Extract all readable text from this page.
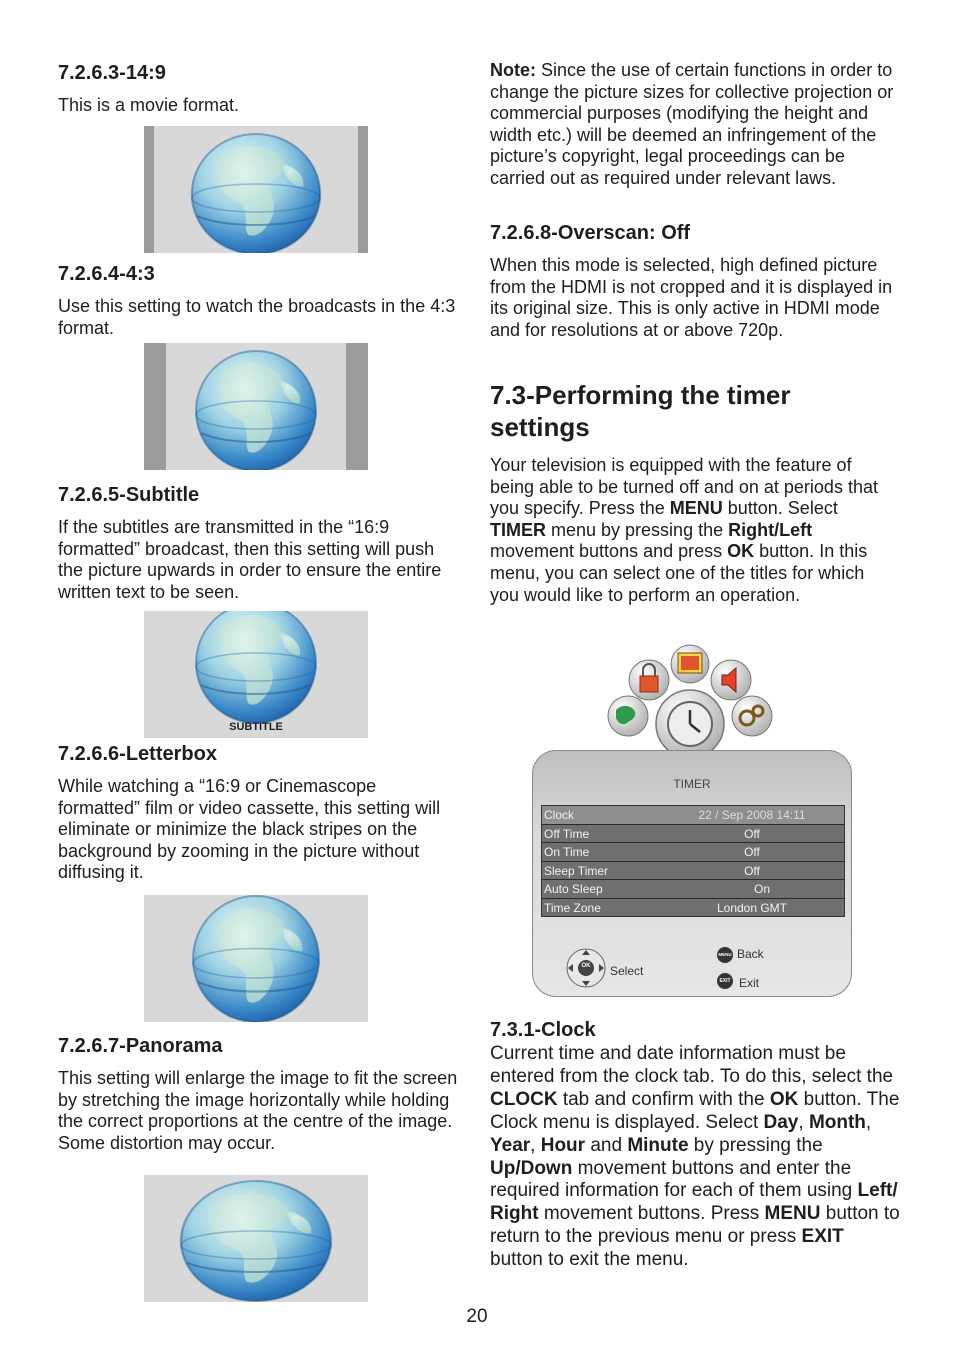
7.2.6.3-14:9

This is a movie format.

7.2.6.4-4:3

Use this setting to watch the broadcasts in the 4:3 format.

7.2.6.5-Subtitle

If the subtitles are transmitted in the “16:9 formatted” broadcast, then this setting will push the picture upwards in order to ensure the entire written text to be seen.

SUBTITLE
7.2.6.6-Letterbox

While watching a “16:9 or Cinemascope formatted” film or video cassette, this setting will eliminate or minimize the black stripes on the background by zooming in the picture without diffusing it.

7.2.6.7-Panorama

This setting will enlarge the image to fit the screen by stretching the image horizontally while holding the correct proportions at the centre of the image. Some distortion may occur.

Note: Since the use of certain functions in order to change the picture sizes for collective projection or commercial purposes (modifying the height and width etc.) will be deemed an infringement of the picture’s copyright, legal proceedings can be carried out as required under relevant laws.

7.2.6.8-Overscan: Off

When this mode is selected, high defined picture from the HDMI is not cropped and it is displayed in its original size. This is only active in HDMI mode and for resolutions at or above 720p.

7.3-Performing the timer settings

Your television is equipped with the feature of being able to be turned off and on at periods that you specify. Press the MENU button. Select TIMER menu by pressing the Right/Left movement buttons and press OK button. In this menu, you can select one of the titles for which you would like to perform an operation.

TIMER
Clock	22 / Sep 2008 14:11
Off Time	Off
On Time	Off
Sleep Timer	Off
Auto Sleep	On
Time Zone	London GMT
OK	Select
MENU Back
EXIT Exit
7.3.1-Clock

Current time and date information must be entered from the clock tab. To do this, select the CLOCK tab and confirm with the OK button. The Clock menu is displayed. Select Day, Month, Year, Hour and Minute by pressing the Up/Down movement buttons and enter the required information for each of them using Left/ Right movement buttons. Press MENU button to return to the previous menu or press EXIT button to exit the menu.

20
